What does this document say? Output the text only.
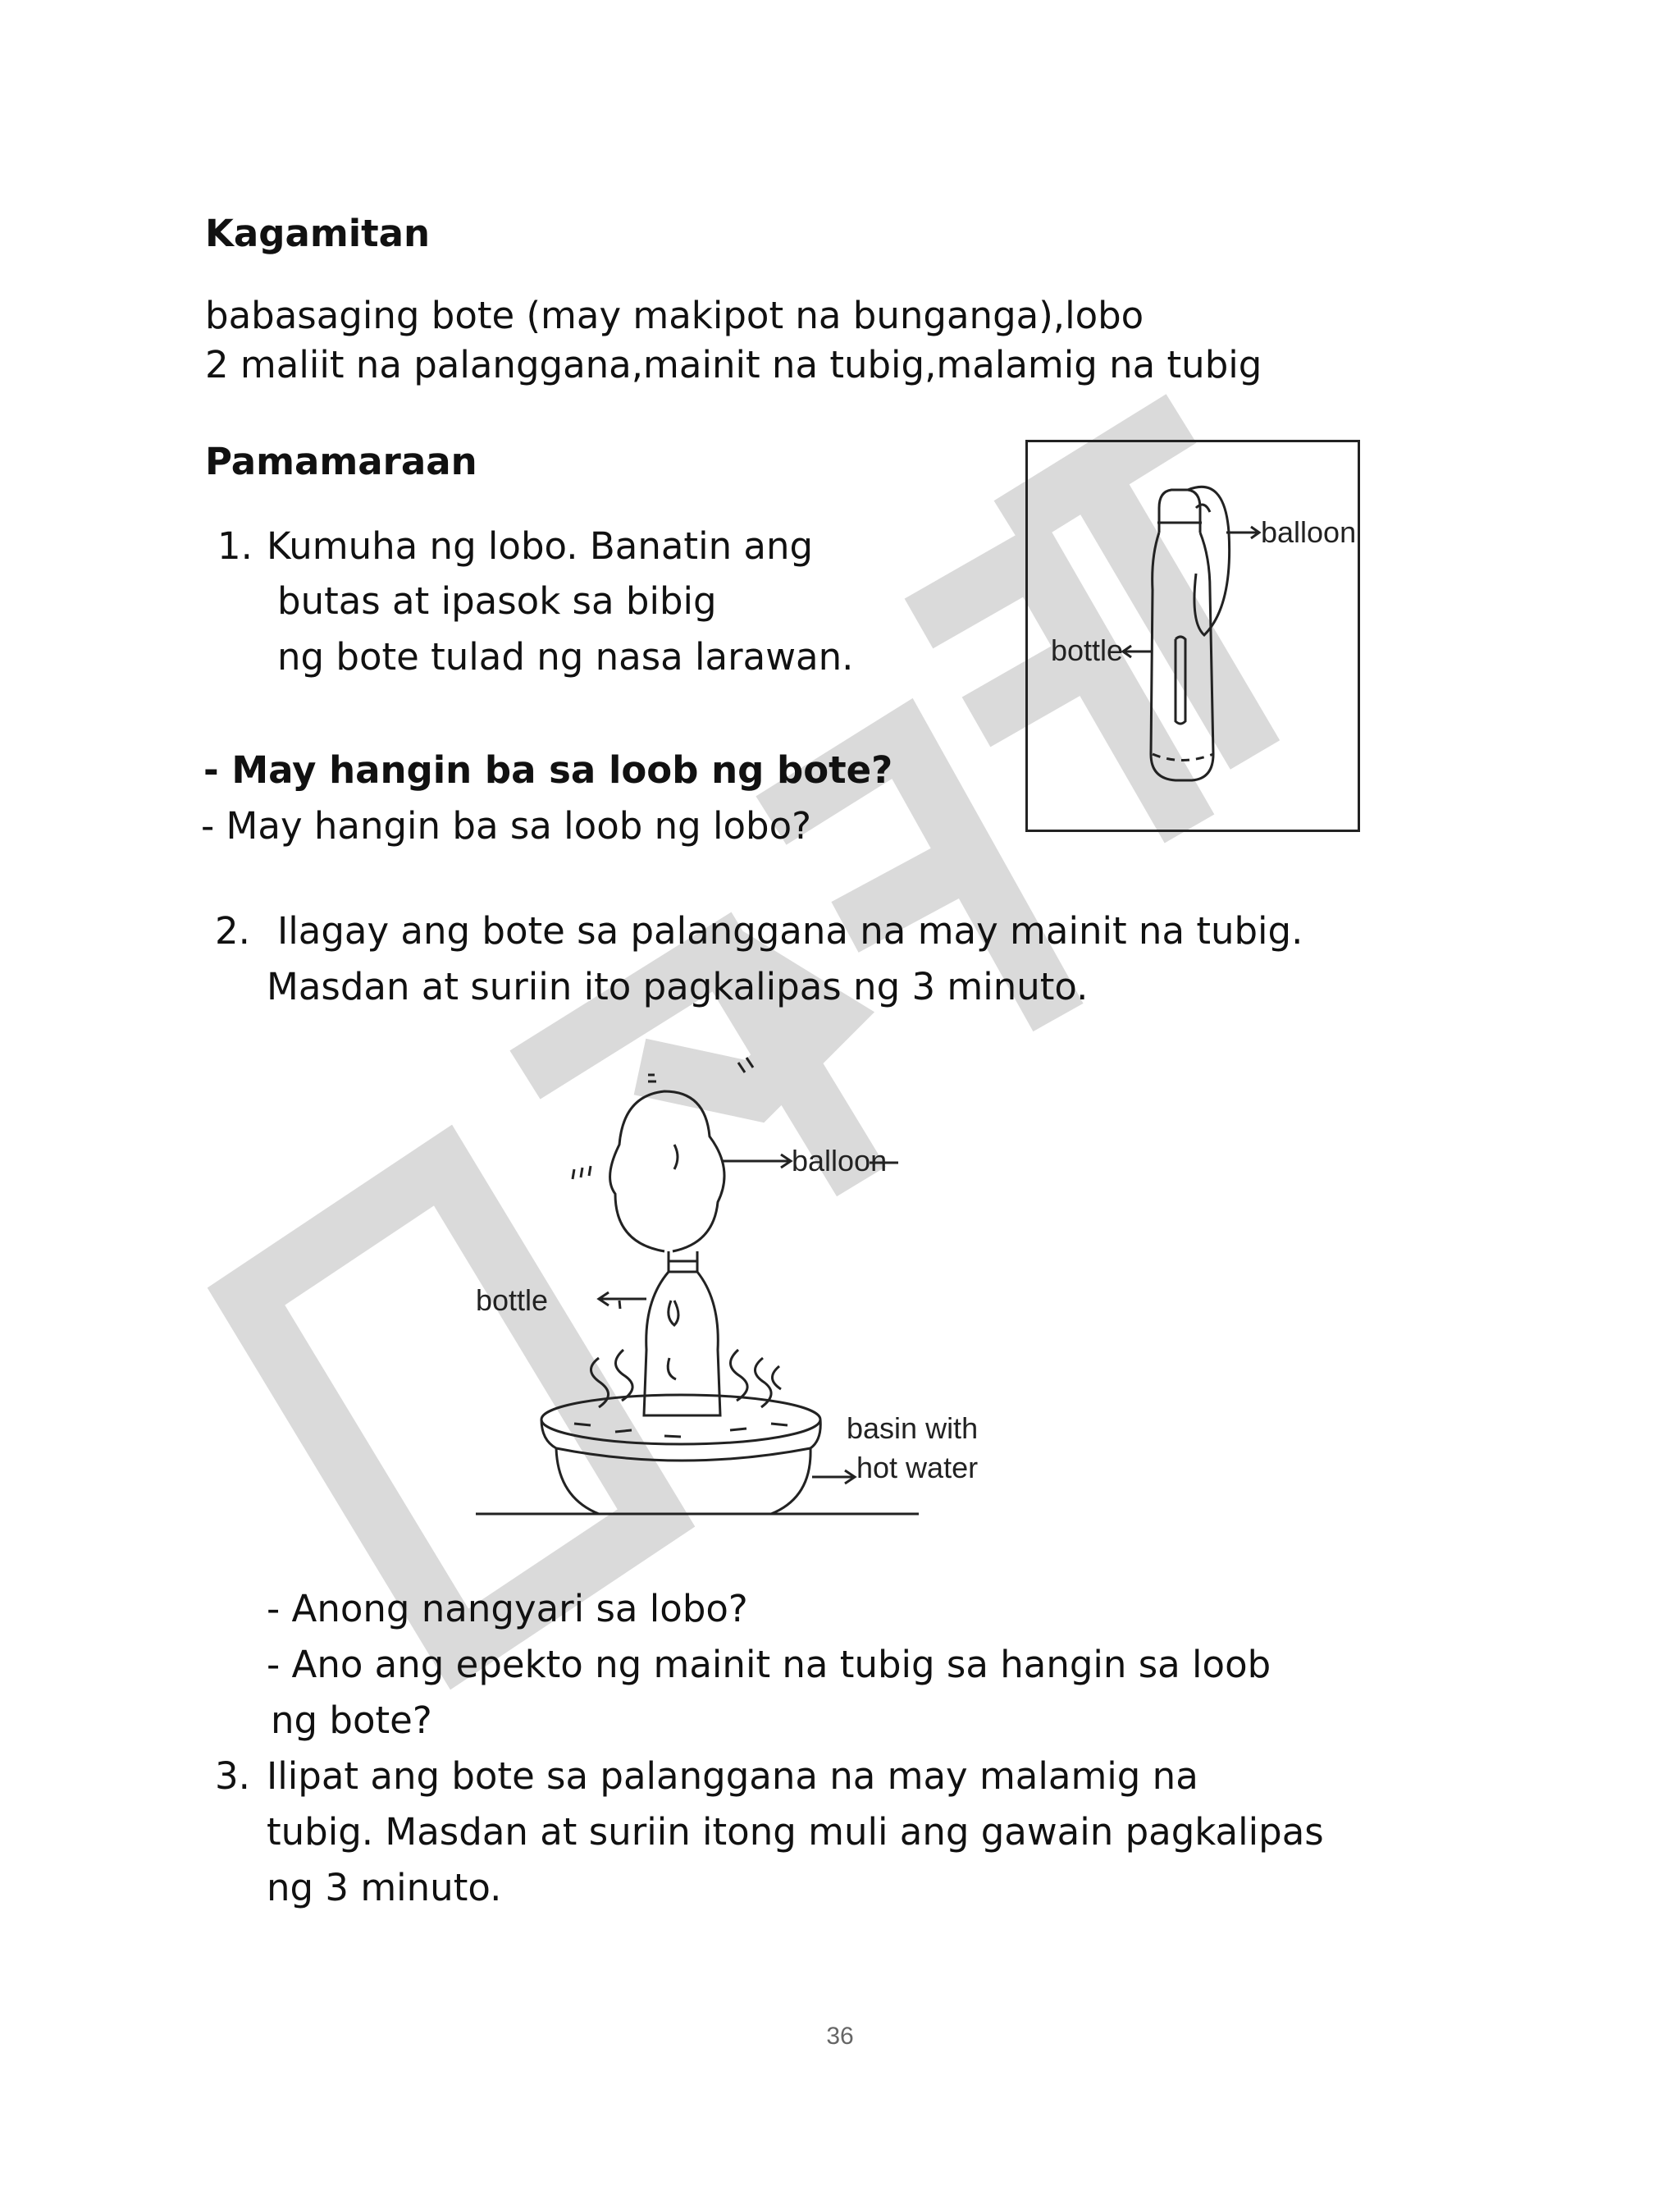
Kagamitan
babasaging bote (may makipot na bunganga),lobo
2 maliit na palanggana,mainit na tubig,malamig na tubig
Pamamaraan
1. Kumuha ng lobo. Banatin ang
butas at ipasok sa bibig
ng bote tulad ng nasa larawan.
- May hangin ba sa loob ng bote?
- May hangin ba sa loob ng lobo?
balloon
bottle
2. Ilagay ang bote sa palanggana na may mainit na tubig.
Masdan at suriin ito pagkalipas ng 3 minuto.
balloon
bottle
basin with
hot water
- Anong nangyari sa lobo?
- Ano ang epekto ng mainit na tubig sa hangin sa loob
ng bote?
3. Ilipat ang bote sa palanggana na may malamig na
tubig. Masdan at suriin itong muli ang gawain pagkalipas
ng 3 minuto.
36
